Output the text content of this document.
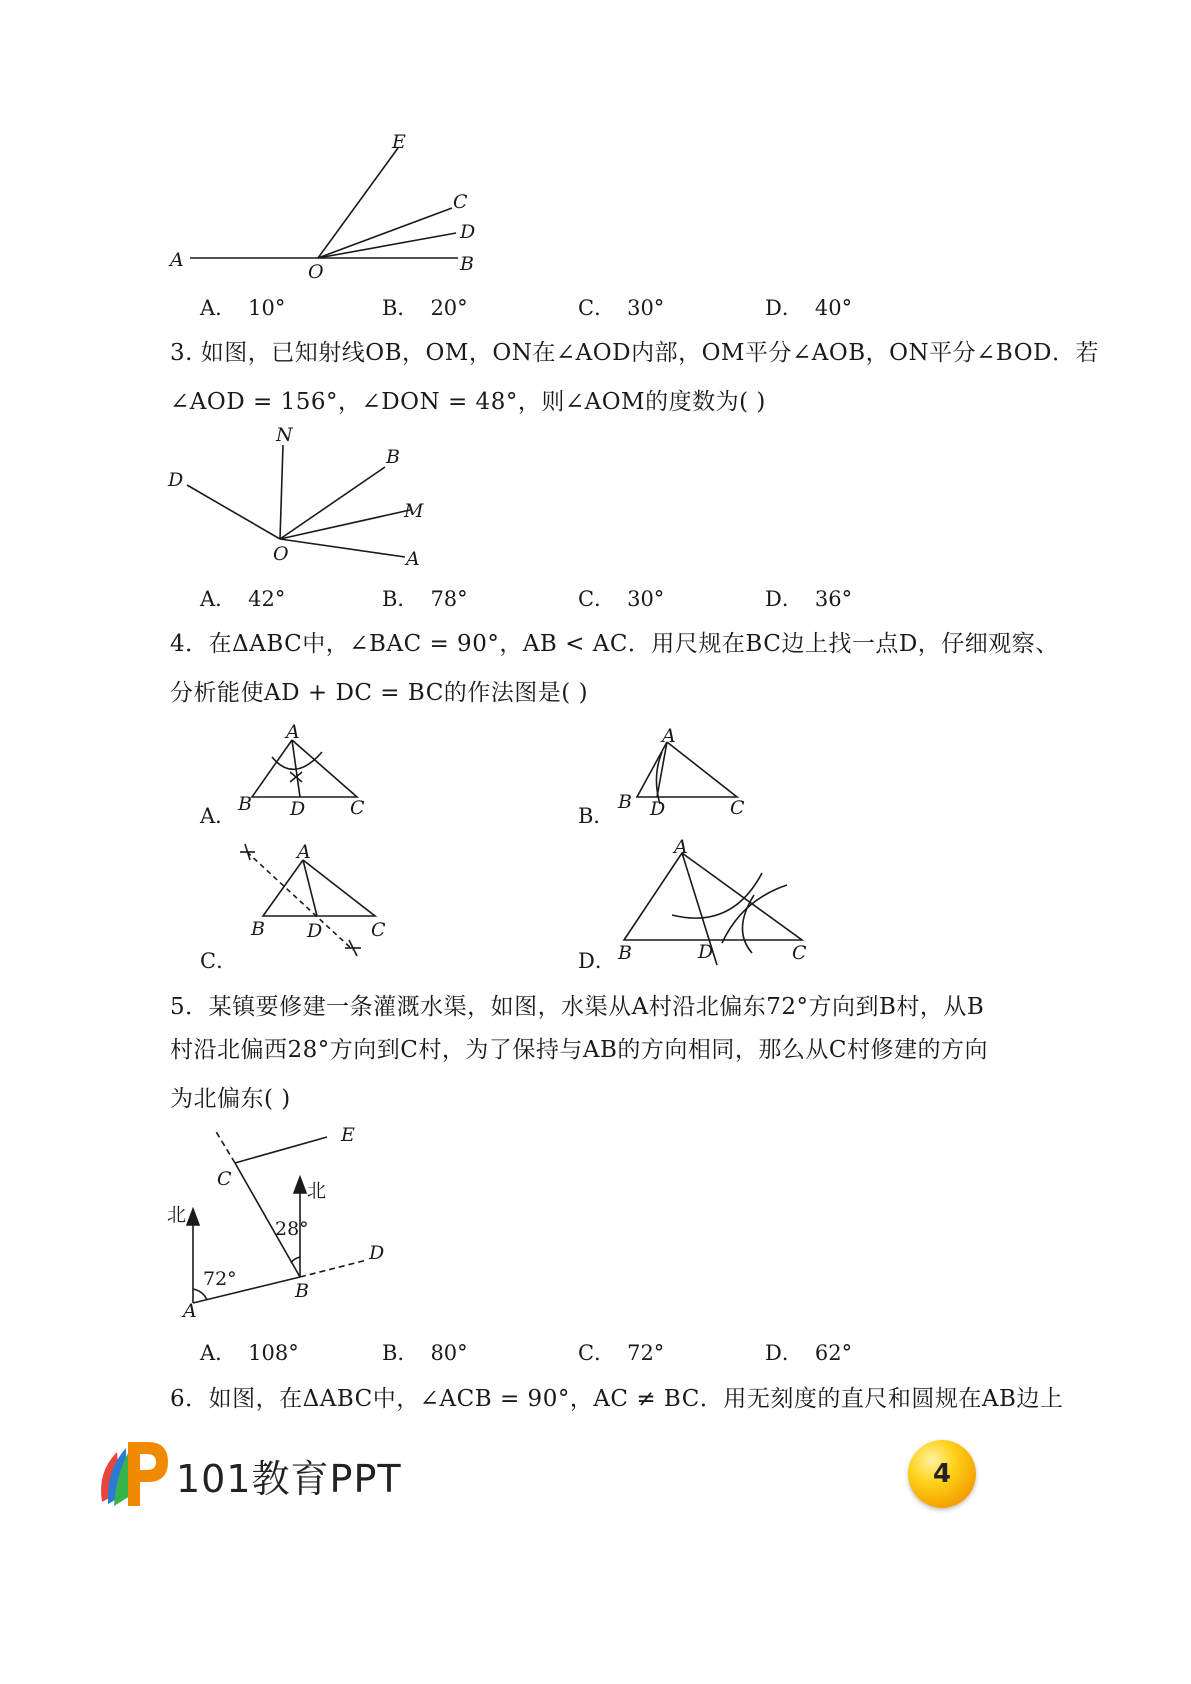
A
O	B
C
D
E
A． 10°	B． 20°	C． 30°	D． 40°
3. 如图，已知射线OB，OM，ON在∠AOD内部，OM平分∠AOB，ON平分∠BOD．若
∠AOD = 156°，∠DON = 48°，则∠AOM的度数为( )
N
D
B
M
O	A
A． 42°	B． 78°	C． 30°	D． 36°
4．在ΔABC中，∠BAC = 90°，AB < AC．用尺规在BC边上找一点D，仔细观察、
分析能使AD + DC = BC的作法图是( )
A．
A
B D C	B．
A
B D	C
C．
A
B D	C
D．
A
B	D	C
5．某镇要修建一条灌溉水渠，如图，水渠从A村沿北偏东72°方向到B村，从B
村沿北偏西28°方向到C村，为了保持与AB的方向相同，那么从C村修建的方向
为北偏东( )
北
北
72°
28°
A
B
C
D
E
A． 108°	B． 80°	C． 72°	D． 62°
6．如图，在ΔABC中，∠ACB = 90°，AC ≠ BC．用无刻度的直尺和圆规在AB边上
101教育PPT	4
